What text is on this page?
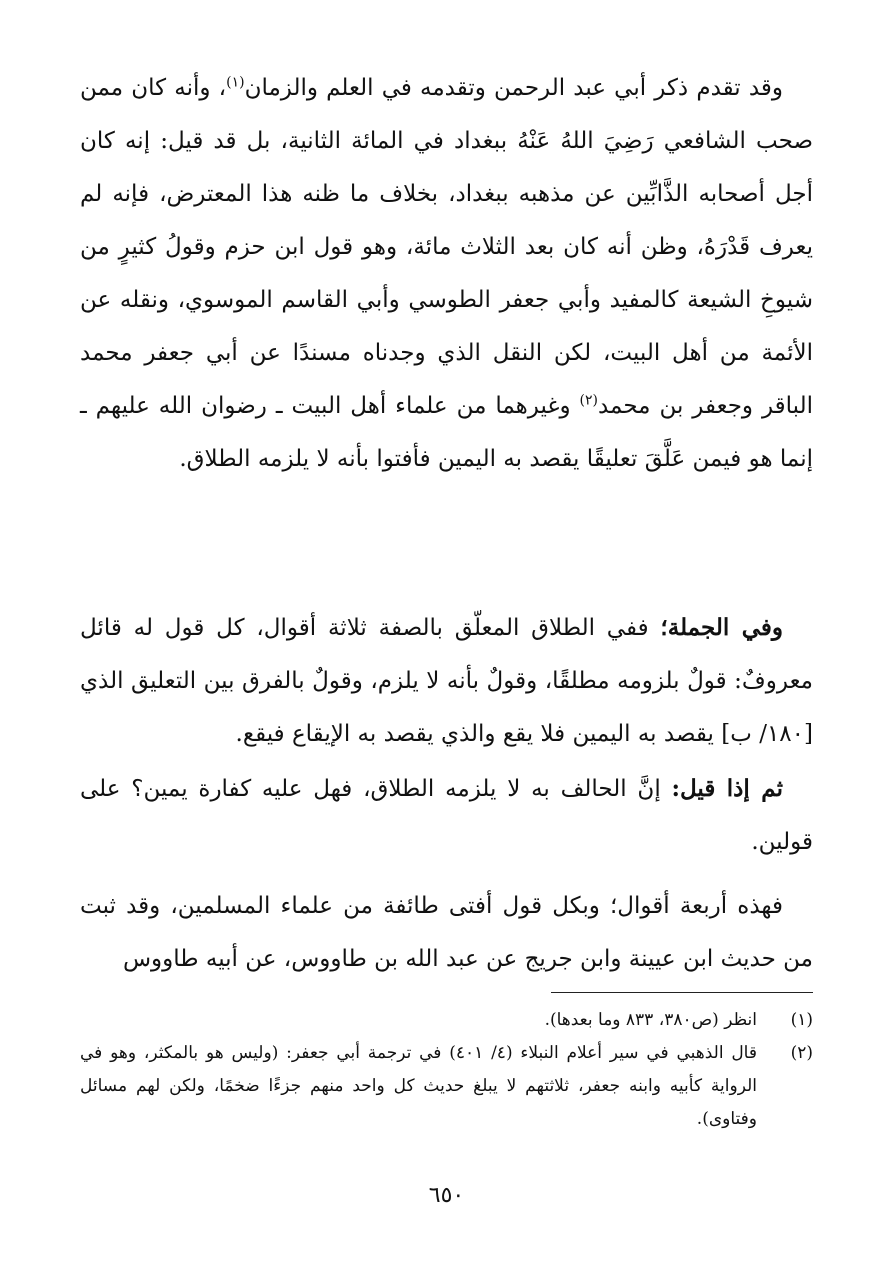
وقد تقدم ذكر أبي عبد الرحمن وتقدمه في العلم والزمان$^{(١)}$، وأنه كان ممن صحب الشافعي رَضِيَ اللهُ عَنْهُ ببغداد في المائة الثانية، بل قد قيل: إنه كان أجل أصحابه الذَّابِّين عن مذهبه ببغداد، بخلاف ما ظنه هذا المعترض، فإنه لم يعرف قَدْرَهُ، وظن أنه كان بعد الثلاث مائة، وهو قول ابن حزم وقولُ كثيرٍ من شيوخِ الشيعة كالمفيد وأبي جعفر الطوسي وأبي القاسم الموسوي، ونقله عن الأئمة من أهل البيت، لكن النقل الذي وجدناه مسندًا عن أبي جعفر محمد الباقر وجعفر بن محمد$^{(٢)}$ وغيرهما من علماء أهل البيت ـ رضوان الله عليهم ـ إنما هو فيمن عَلَّقَ تعليقًا يقصد به اليمين فأفتوا بأنه لا يلزمه الطلاق.

وفي الجملة؛ ففي الطلاق المعلّق بالصفة ثلاثة أقوال، كل قول له قائل معروفٌ: قولٌ بلزومه مطلقًا، وقولٌ بأنه لا يلزم، وقولٌ بالفرق بين التعليق الذي [١٨٠/ ب] يقصد به اليمين فلا يقع والذي يقصد به الإيقاع فيقع.

ثم إذا قيل: إنَّ الحالف به لا يلزمه الطلاق، فهل عليه كفارة يمين؟ على قولين.

فهذه أربعة أقوال؛ وبكل قول أفتى طائفة من علماء المسلمين، وقد ثبت من حديث ابن عيينة وابن جريج عن عبد الله بن طاووس، عن أبيه طاووس

(١)
انظر (ص٣٨٠، ٨٣٣ وما بعدها).
(٢)
قال الذهبي في سير أعلام النبلاء (٤/ ٤٠١) في ترجمة أبي جعفر: (وليس هو بالمكثر، وهو في الرواية كأبيه وابنه جعفر، ثلاثتهم لا يبلغ حديث كل واحد منهم جزءًا ضخمًا، ولكن لهم مسائل وفتاوى).
٦٥٠
